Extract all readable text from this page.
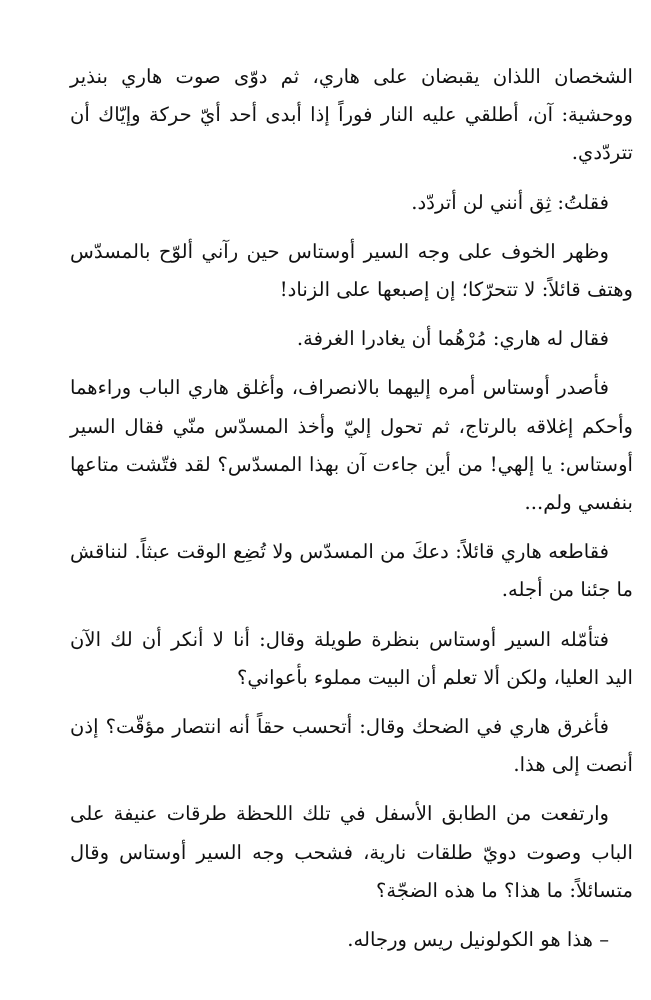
الشخصان اللذان يقبضان على هاري، ثم دوّى صوت هاري بنذير ووحشية: آن، أطلقي عليه النار فوراً إذا أبدى أحد أيّ حركة وإيّاك أن تتردّدي.

فقلتُ: ثِق أنني لن أتردّد.

وظهر الخوف على وجه السير أوستاس حين رآني ألوّح بالمسدّس وهتف قائلاً: لا تتحرّكا؛ إن إصبعها على الزناد!

فقال له هاري: مُرْهُما أن يغادرا الغرفة.

فأصدر أوستاس أمره إليهما بالانصراف، وأغلق هاري الباب وراءهما وأحكم إغلاقه بالرتاج، ثم تحول إليّ وأخذ المسدّس منّي فقال السير أوستاس: يا إلهي! من أين جاءت آن بهذا المسدّس؟ لقد فتّشت متاعها بنفسي ولم...

فقاطعه هاري قائلاً: دعكَ من المسدّس ولا تُضِع الوقت عبثاً. لنناقش ما جئنا من أجله.

فتأمّله السير أوستاس بنظرة طويلة وقال: أنا لا أنكر أن لك الآن اليد العليا، ولكن ألا تعلم أن البيت مملوء بأعواني؟

فأغرق هاري في الضحك وقال: أتحسب حقاً أنه انتصار مؤقّت؟ إذن أنصت إلى هذا.

وارتفعت من الطابق الأسفل في تلك اللحظة طرقات عنيفة على الباب وصوت دويّ طلقات نارية، فشحب وجه السير أوستاس وقال متسائلاً: ما هذا؟ ما هذه الضجّة؟

– هذا هو الكولونيل ريس ورجاله.
